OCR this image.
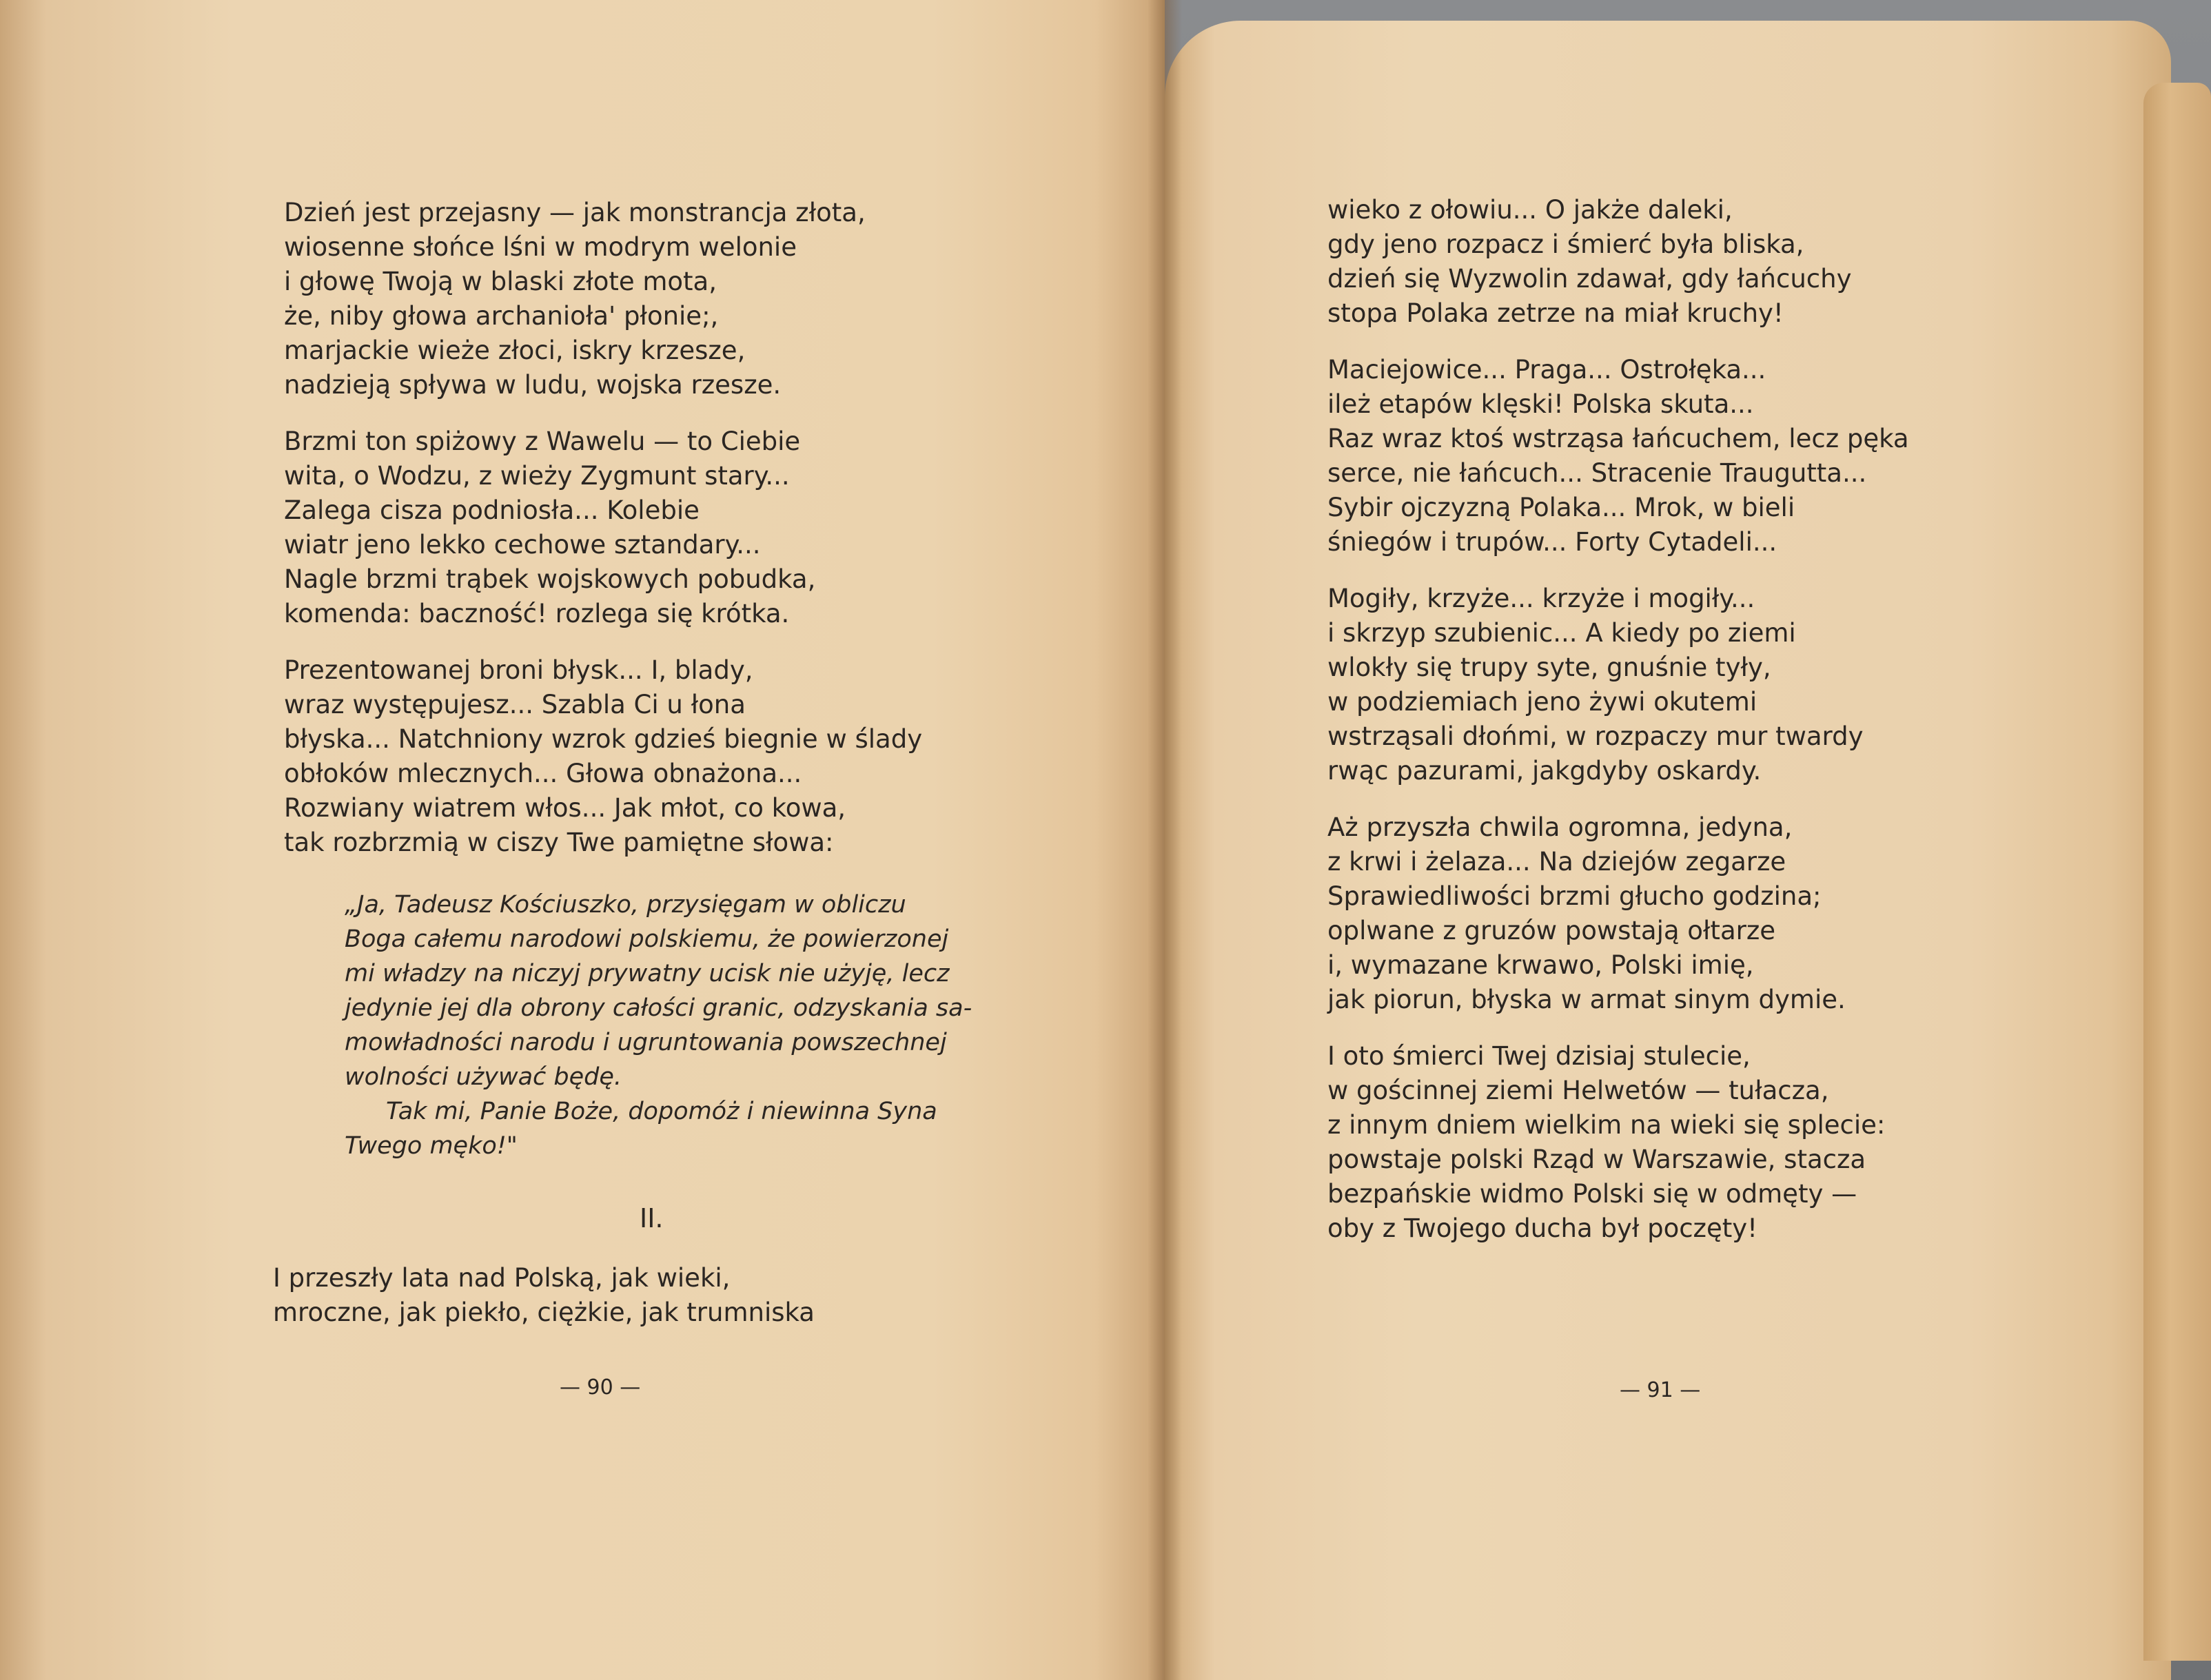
Dzień jest przejasny — jak monstrancja złota,
wiosenne słońce lśni w modrym welonie
i głowę Twoją w blaski złote mota,
że, niby głowa archanioła' płonie;,
marjackie wieże złoci, iskry krzesze,
nadzieją spływa w ludu, wojska rzesze.
Brzmi ton spiżowy z Wawelu — to Ciebie
wita, o Wodzu, z wieży Zygmunt stary...
Zalega cisza podniosła... Kolebie
wiatr jeno lekko cechowe sztandary...
Nagle brzmi trąbek wojskowych pobudka,
komenda: baczność! rozlega się krótka.
Prezentowanej broni błysk... I, blady,
wraz występujesz... Szabla Ci u łona
błyska... Natchniony wzrok gdzieś biegnie w ślady
obłoków mlecznych... Głowa obnażona...
Rozwiany wiatrem włos... Jak młot, co kowa,
tak rozbrzmią w ciszy Twe pamiętne słowa:
„Ja, Tadeusz Kościuszko, przysięgam w obliczu
Boga całemu narodowi polskiemu, że powierzonej
mi władzy na niczyj prywatny ucisk nie użyję, lecz
jedynie jej dla obrony całości granic, odzyskania sa-
mowładności narodu i ugruntowania powszechnej
wolności używać będę.
Tak mi, Panie Boże, dopomóż i niewinna Syna
Twego męko!"
II.
I przeszły lata nad Polską, jak wieki,
mroczne, jak piekło, ciężkie, jak trumniska
— 90 —
wieko z ołowiu... O jakże daleki,
gdy jeno rozpacz i śmierć była bliska,
dzień się Wyzwolin zdawał, gdy łańcuchy
stopa Polaka zetrze na miał kruchy!
Maciejowice... Praga... Ostrołęka...
ileż etapów klęski! Polska skuta...
Raz wraz ktoś wstrząsa łańcuchem, lecz pęka
serce, nie łańcuch... Stracenie Traugutta...
Sybir ojczyzną Polaka... Mrok, w bieli
śniegów i trupów... Forty Cytadeli...
Mogiły, krzyże... krzyże i mogiły...
i skrzyp szubienic... A kiedy po ziemi
wlokły się trupy syte, gnuśnie tyły,
w podziemiach jeno żywi okutemi
wstrząsali dłońmi, w rozpaczy mur twardy
rwąc pazurami, jakgdyby oskardy.
Aż przyszła chwila ogromna, jedyna,
z krwi i żelaza... Na dziejów zegarze
Sprawiedliwości brzmi głucho godzina;
oplwane z gruzów powstają ołtarze
i, wymazane krwawo, Polski imię,
jak piorun, błyska w armat sinym dymie.
I oto śmierci Twej dzisiaj stulecie,
w gościnnej ziemi Helwetów — tułacza,
z innym dniem wielkim na wieki się splecie:
powstaje polski Rząd w Warszawie, stacza
bezpańskie widmo Polski się w odmęty —
oby z Twojego ducha był poczęty!
— 91 —
